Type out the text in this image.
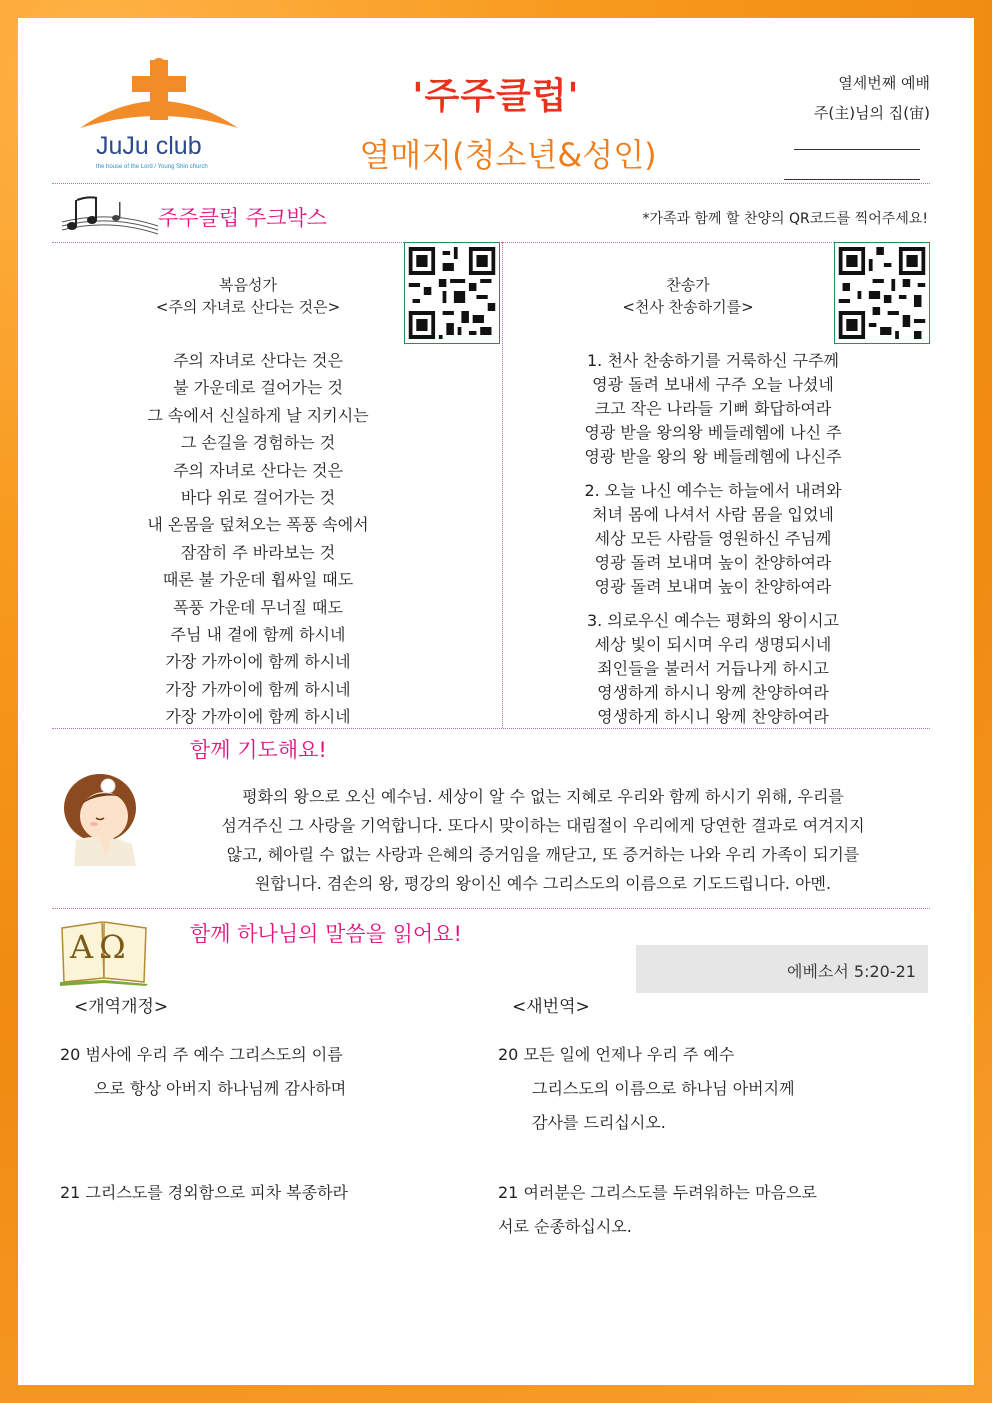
JuJu club
the house of the Lord / Young Shin church
'주주클럽'
열매지(청소년&성인)
열세번째 예배
주(主)님의 집(宙)
주주클럽 주크박스	*가족과 함께 할 찬양의 QR코드를 찍어주세요!
복음성가
<주의 자녀로 산다는 것은>
주의 자녀로 산다는 것은
불 가운데로 걸어가는 것
그 속에서 신실하게 날 지키시는
그 손길을 경험하는 것
주의 자녀로 산다는 것은
바다 위로 걸어가는 것
내 온몸을 덮쳐오는 폭풍 속에서
잠잠히 주 바라보는 것
때론 불 가운데 휩싸일 때도
폭풍 가운데 무너질 때도
주님 내 곁에 함께 하시네
가장 가까이에 함께 하시네
가장 가까이에 함께 하시네
가장 가까이에 함께 하시네
찬송가
<천사 찬송하기를>
1. 천사 찬송하기를 거룩하신 구주께
영광 돌려 보내세 구주 오늘 나셨네
크고 작은 나라들 기뻐 화답하여라
영광 받을 왕의왕 베들레헴에 나신 주
영광 받을 왕의 왕 베들레헴에 나신주
2. 오늘 나신 예수는 하늘에서 내려와
처녀 몸에 나셔서 사람 몸을 입었네
세상 모든 사람들 영원하신 주님께
영광 돌려 보내며 높이 찬양하여라
영광 돌려 보내며 높이 찬양하여라
3. 의로우신 예수는 평화의 왕이시고
세상 빛이 되시며 우리 생명되시네
죄인들을 불러서 거듭나게 하시고
영생하게 하시니 왕께 찬양하여라
영생하게 하시니 왕께 찬양하여라
함께 기도해요!
평화의 왕으로 오신 예수님. 세상이 알 수 없는 지혜로 우리와 함께 하시기 위해, 우리를
섬겨주신 그 사랑을 기억합니다. 또다시 맞이하는 대림절이 우리에게 당연한 결과로 여겨지지
않고, 헤아릴 수 없는 사랑과 은혜의 증거임을 깨닫고, 또 증거하는 나와 우리 가족이 되기를
원합니다. 겸손의 왕, 평강의 왕이신 예수 그리스도의 이름으로 기도드립니다. 아멘.
ΑΩ	함께 하나님의 말씀을 읽어요!
에베소서 5:20-21
<개역개정>
20 범사에 우리 주 예수 그리스도의 이름
으로 항상 아버지 하나님께 감사하며
21 그리스도를 경외함으로 피차 복종하라
<새번역>
20 모든 일에 언제나 우리 주 예수
그리스도의 이름으로 하나님 아버지께
감사를 드리십시오.
21 여러분은 그리스도를 두려워하는 마음으로
서로 순종하십시오.
